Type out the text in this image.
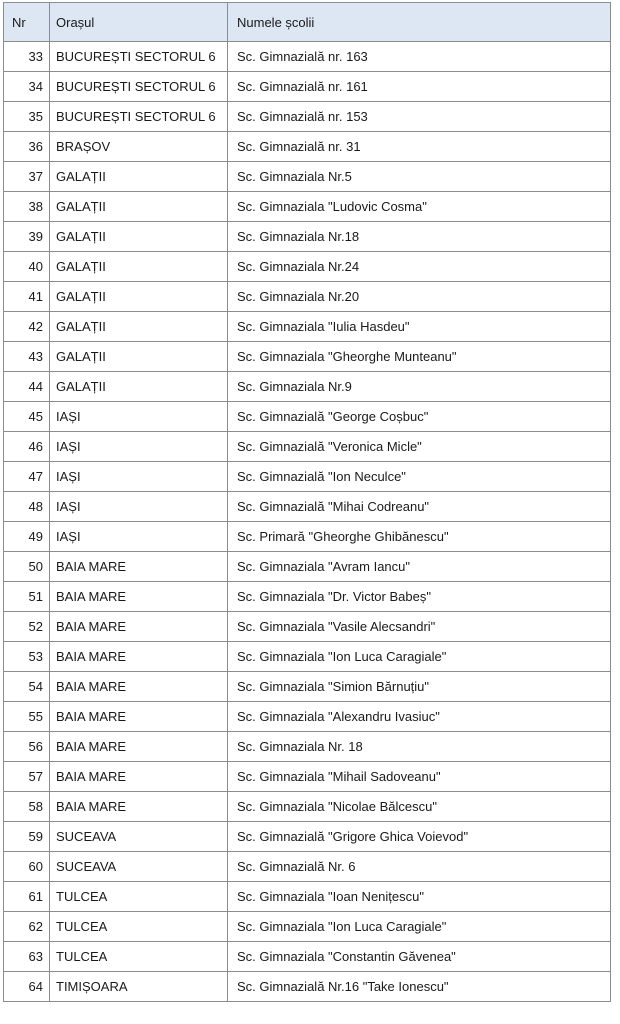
Nr	Orașul	Numele școlii
33	BUCUREȘTI SECTORUL 6	Sc. Gimnazială nr. 163
34	BUCUREȘTI SECTORUL 6	Sc. Gimnazială nr. 161
35	BUCUREȘTI SECTORUL 6	Sc. Gimnazială nr. 153
36	BRAȘOV	Sc. Gimnazială nr. 31
37	GALAȚII	Sc. Gimnaziala Nr.5
38	GALAȚII	Sc. Gimnaziala "Ludovic Cosma"
39	GALAȚII	Sc. Gimnaziala Nr.18
40	GALAȚII	Sc. Gimnaziala Nr.24
41	GALAȚII	Sc. Gimnaziala Nr.20
42	GALAȚII	Sc. Gimnaziala "Iulia Hasdeu"
43	GALAȚII	Sc. Gimnaziala "Gheorghe Munteanu"
44	GALAȚII	Sc. Gimnaziala Nr.9
45	IAȘI	Sc. Gimnazială "George Coșbuc"
46	IAȘI	Sc. Gimnazială "Veronica Micle"
47	IAȘI	Sc. Gimnazială "Ion Neculce"
48	IAȘI	Sc. Gimnazială "Mihai Codreanu"
49	IAȘI	Sc. Primară "Gheorghe Ghibănescu"
50	BAIA MARE	Sc. Gimnaziala "Avram Iancu"
51	BAIA MARE	Sc. Gimnaziala "Dr. Victor Babeș"
52	BAIA MARE	Sc. Gimnaziala "Vasile Alecsandri"
53	BAIA MARE	Sc. Gimnaziala "Ion Luca Caragiale"
54	BAIA MARE	Sc. Gimnaziala "Simion Bărnuțiu"
55	BAIA MARE	Sc. Gimnaziala "Alexandru Ivasiuc"
56	BAIA MARE	Sc. Gimnaziala Nr. 18
57	BAIA MARE	Sc. Gimnaziala "Mihail Sadoveanu"
58	BAIA MARE	Sc. Gimnaziala "Nicolae Bălcescu"
59	SUCEAVA	Sc. Gimnazială "Grigore Ghica Voievod"
60	SUCEAVA	Sc. Gimnazială Nr. 6
61	TULCEA	Sc. Gimnaziala "Ioan Nenițescu"
62	TULCEA	Sc. Gimnaziala "Ion Luca Caragiale"
63	TULCEA	Sc. Gimnaziala "Constantin Găvenea"
64	TIMIȘOARA	Sc. Gimnazială Nr.16 "Take Ionescu"
